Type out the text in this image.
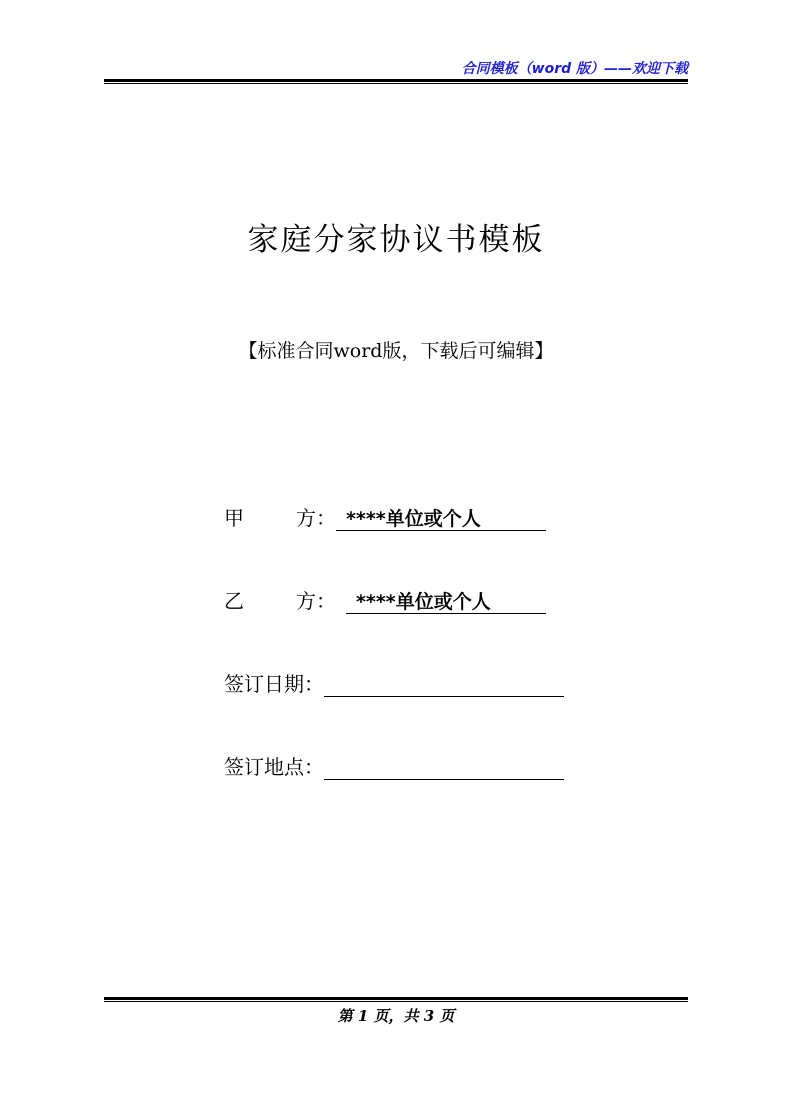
合同模板（word 版）——欢迎下载
家庭分家协议书模板
【标准合同word版，下载后可编辑】
甲	方： ****单位或个人
乙	方：	****单位或个人
签订日期：
签订地点：
第 1 页，共 3 页
